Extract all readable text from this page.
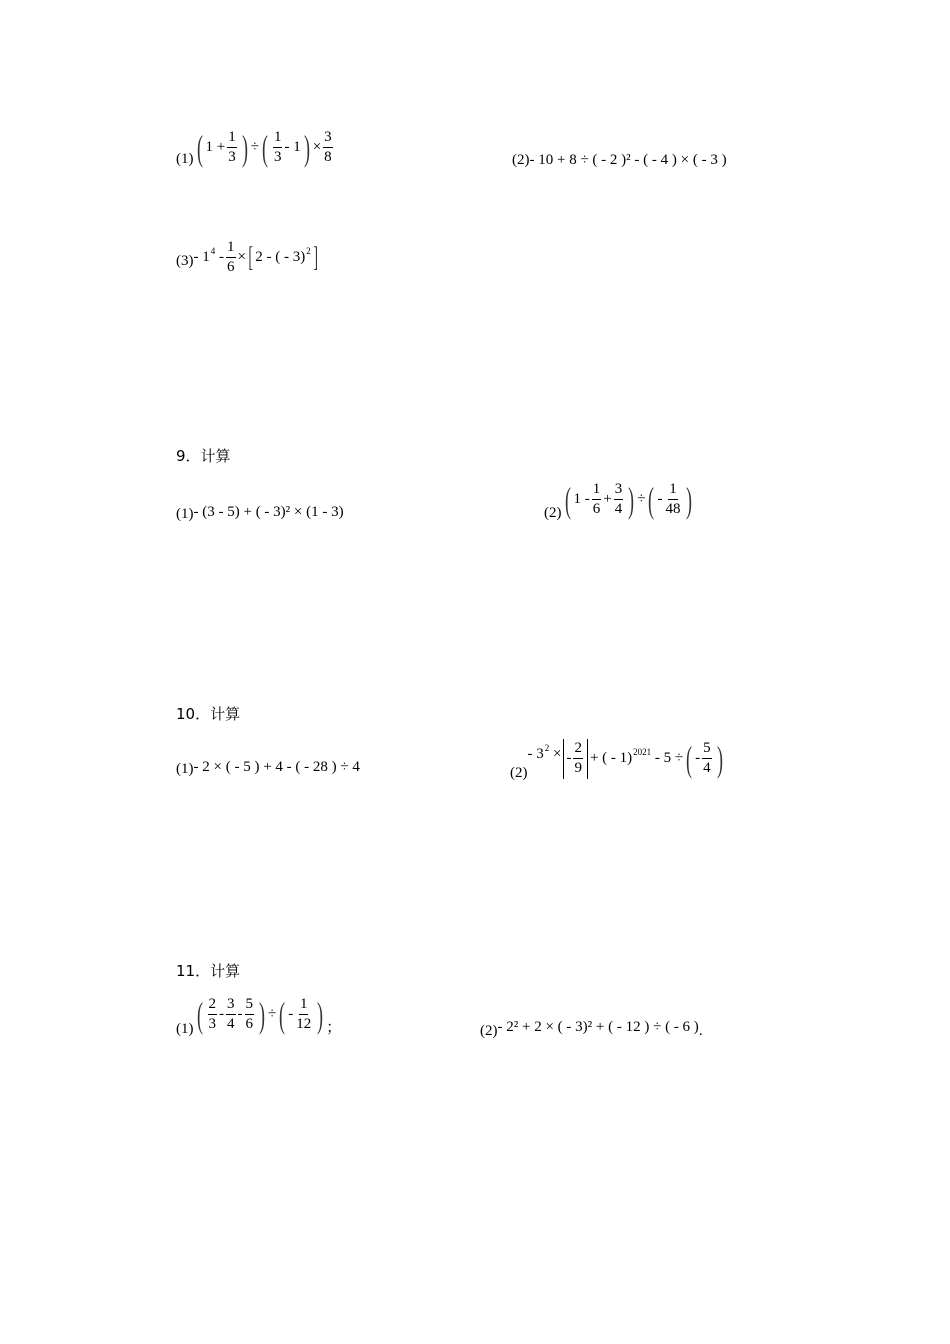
(1) ( $1 + \frac{1}{3}$ ) ÷ ( $\frac{1}{3} - 1$ ) × $\frac{3}{8}$	(2) - 10 + 8 ÷ ( - 2 )² - ( - 4 ) × ( - 3 )
$(3) - 1^4 - \frac{1}{6}$ × [ 2 - ( - 3)$^2$ ]
9．计算
(1) - (3 - 5) + ( - 3)² × (1 - 3)	(2) ( $1 - \frac{1}{6} + \frac{3}{4}$ ) ÷ ( - $\frac{1}{48}$ )
10．计算
(1) - 2 × ( - 5 ) + 4 - ( - 28 ) ÷ 4	(2)
- $3^2$ × - $\frac{2}{9}$ + ( - 1)$^{2021}$ - 5 ÷ ( - $\frac{5}{4}$ )
11．计算
(1) ( $\frac{2}{3} - \frac{3}{4} - \frac{5}{6}$ ) ÷ ( - $\frac{1}{12}$ ) ；	(2) - 2² + 2 × ( - 3)² + ( - 12 ) ÷ ( - 6 ) .
